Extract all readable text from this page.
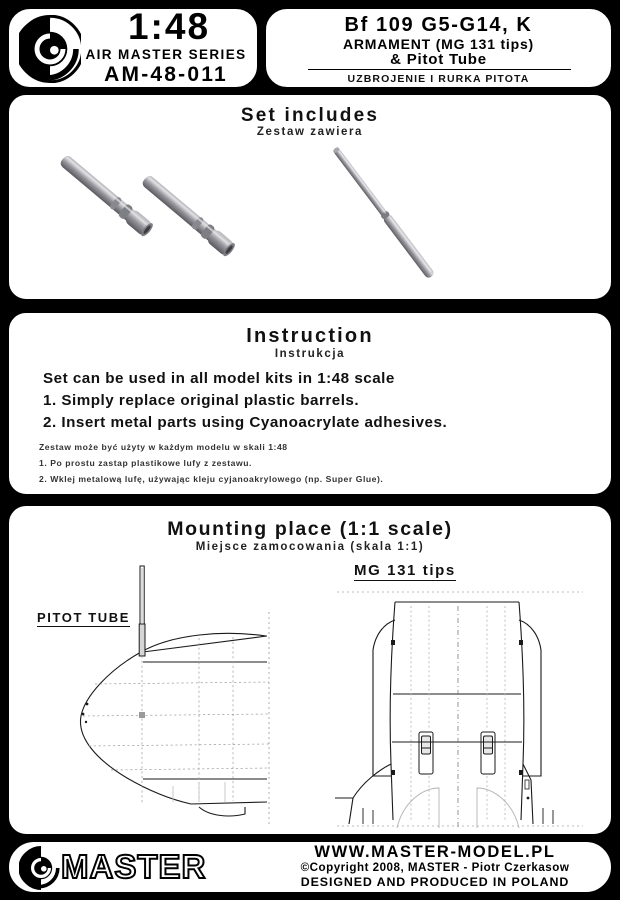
1:48
AIR MASTER SERIES
AM-48-011
Bf 109 G5-G14, K
ARMAMENT (MG 131 tips)
& Pitot Tube
UZBROJENIE I RURKA PITOTA
Set includes
Zestaw zawiera
Instruction
Instrukcja
Set can be used in all model kits in 1:48 scale
1. Simply replace original plastic barrels.
2. Insert metal parts using Cyanoacrylate adhesives.
Zestaw może być użyty w każdym modelu w skali 1:48
1. Po prostu zastap plastikowe lufy z zestawu.
2. Wklej metalową lufę, używając kleju cyjanoakrylowego (np. Super Glue).
Mounting place (1:1 scale)
Miejsce zamocowania (skala 1:1)
PITOT TUBE
MG 131 tips
MASTER	WWW.MASTER-MODEL.PL
©Copyright 2008, MASTER - Piotr Czerkasow
DESIGNED AND PRODUCED IN POLAND
